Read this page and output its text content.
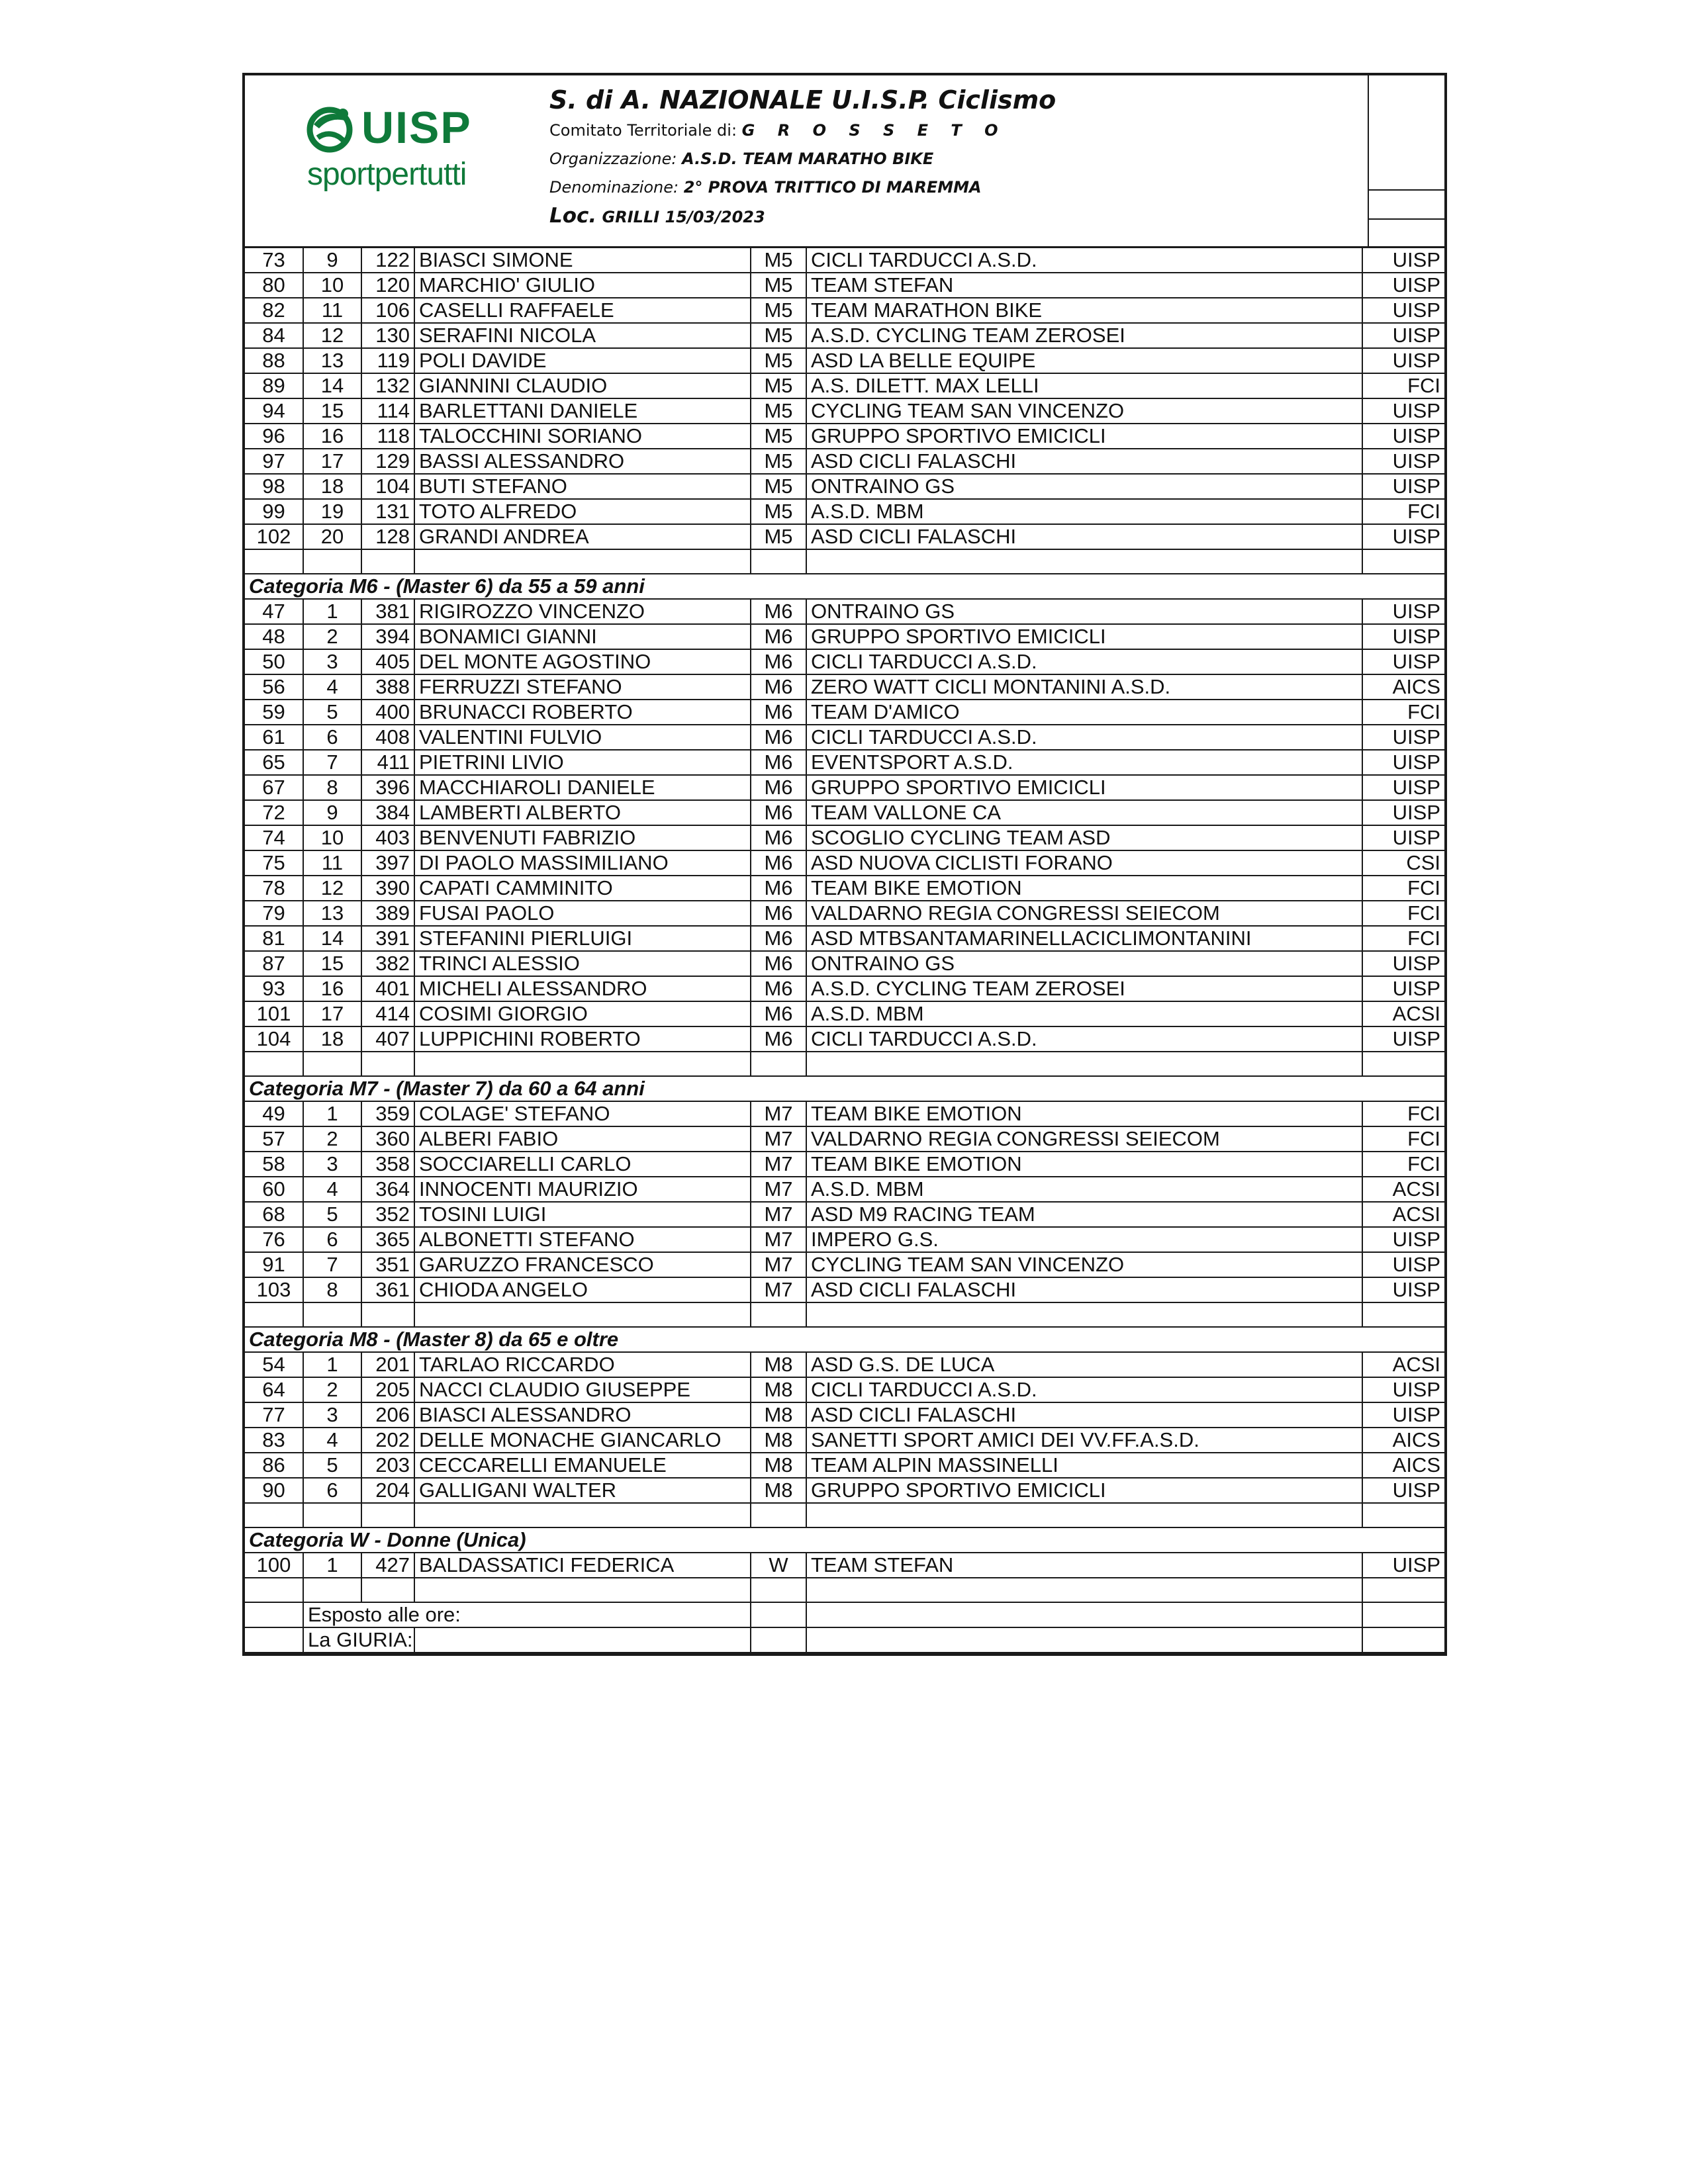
UISP
sportpertutti
S. di A. NAZIONALE U.I.S.P. Ciclismo
Comitato Territoriale di: G R O S S E T O
Organizzazione: A.S.D. TEAM MARATHO BIKE
Denominazione: 2° PROVA TRITTICO DI MAREMMA
Loc. GRILLI 15/03/2023
73	9	122	BIASCI SIMONE	M5	CICLI TARDUCCI A.S.D.	UISP
80	10	120	MARCHIO' GIULIO	M5	TEAM STEFAN	UISP
82	11	106	CASELLI RAFFAELE	M5	TEAM MARATHON BIKE	UISP
84	12	130	SERAFINI NICOLA	M5	A.S.D. CYCLING TEAM ZEROSEI	UISP
88	13	119	POLI DAVIDE	M5	ASD LA BELLE EQUIPE	UISP
89	14	132	GIANNINI CLAUDIO	M5	A.S. DILETT. MAX LELLI	FCI
94	15	114	BARLETTANI DANIELE	M5	CYCLING TEAM SAN VINCENZO	UISP
96	16	118	TALOCCHINI SORIANO	M5	GRUPPO SPORTIVO EMICICLI	UISP
97	17	129	BASSI ALESSANDRO	M5	ASD CICLI FALASCHI	UISP
98	18	104	BUTI STEFANO	M5	ONTRAINO GS	UISP
99	19	131	TOTO ALFREDO	M5	A.S.D. MBM	FCI
102	20	128	GRANDI ANDREA	M5	ASD CICLI FALASCHI	UISP

Categoria M6 - (Master 6) da 55 a 59 anni						
47	1	381	RIGIROZZO VINCENZO	M6	ONTRAINO GS	UISP
48	2	394	BONAMICI GIANNI	M6	GRUPPO SPORTIVO EMICICLI	UISP
50	3	405	DEL MONTE AGOSTINO	M6	CICLI TARDUCCI A.S.D.	UISP
56	4	388	FERRUZZI STEFANO	M6	ZERO WATT CICLI MONTANINI A.S.D.	AICS
59	5	400	BRUNACCI ROBERTO	M6	TEAM D'AMICO	FCI
61	6	408	VALENTINI FULVIO	M6	CICLI TARDUCCI A.S.D.	UISP
65	7	411	PIETRINI LIVIO	M6	EVENTSPORT A.S.D.	UISP
67	8	396	MACCHIAROLI DANIELE	M6	GRUPPO SPORTIVO EMICICLI	UISP
72	9	384	LAMBERTI ALBERTO	M6	TEAM VALLONE CA	UISP
74	10	403	BENVENUTI FABRIZIO	M6	SCOGLIO CYCLING TEAM ASD	UISP
75	11	397	DI PAOLO MASSIMILIANO	M6	ASD NUOVA CICLISTI FORANO	CSI
78	12	390	CAPATI CAMMINITO	M6	TEAM BIKE EMOTION	FCI
79	13	389	FUSAI PAOLO	M6	VALDARNO REGIA CONGRESSI SEIECOM	FCI
81	14	391	STEFANINI PIERLUIGI	M6	ASD MTBSANTAMARINELLACICLIMONTANINI	FCI
87	15	382	TRINCI ALESSIO	M6	ONTRAINO GS	UISP
93	16	401	MICHELI ALESSANDRO	M6	A.S.D. CYCLING TEAM ZEROSEI	UISP
101	17	414	COSIMI GIORGIO	M6	A.S.D. MBM	ACSI
104	18	407	LUPPICHINI ROBERTO	M6	CICLI TARDUCCI A.S.D.	UISP

Categoria M7 - (Master 7) da 60 a 64 anni						
49	1	359	COLAGE' STEFANO	M7	TEAM BIKE EMOTION	FCI
57	2	360	ALBERI FABIO	M7	VALDARNO REGIA CONGRESSI SEIECOM	FCI
58	3	358	SOCCIARELLI CARLO	M7	TEAM BIKE EMOTION	FCI
60	4	364	INNOCENTI MAURIZIO	M7	A.S.D. MBM	ACSI
68	5	352	TOSINI LUIGI	M7	ASD M9 RACING TEAM	ACSI
76	6	365	ALBONETTI STEFANO	M7	IMPERO G.S.	UISP
91	7	351	GARUZZO FRANCESCO	M7	CYCLING TEAM SAN VINCENZO	UISP
103	8	361	CHIODA ANGELO	M7	ASD CICLI FALASCHI	UISP

Categoria M8 - (Master 8) da 65 e oltre						
54	1	201	TARLAO RICCARDO	M8	ASD G.S. DE LUCA	ACSI
64	2	205	NACCI CLAUDIO GIUSEPPE	M8	CICLI TARDUCCI A.S.D.	UISP
77	3	206	BIASCI ALESSANDRO	M8	ASD CICLI FALASCHI	UISP
83	4	202	DELLE MONACHE GIANCARLO	M8	SANETTI SPORT AMICI DEI VV.FF.A.S.D.	AICS
86	5	203	CECCARELLI EMANUELE	M8	TEAM ALPIN MASSINELLI	AICS
90	6	204	GALLIGANI WALTER	M8	GRUPPO SPORTIVO EMICICLI	UISP

Categoria W - Donne (Unica)						
100	1	427	BALDASSATICI FEDERICA	W	TEAM STEFAN	UISP

	Esposto alle ore:					
	La GIURIA:					
